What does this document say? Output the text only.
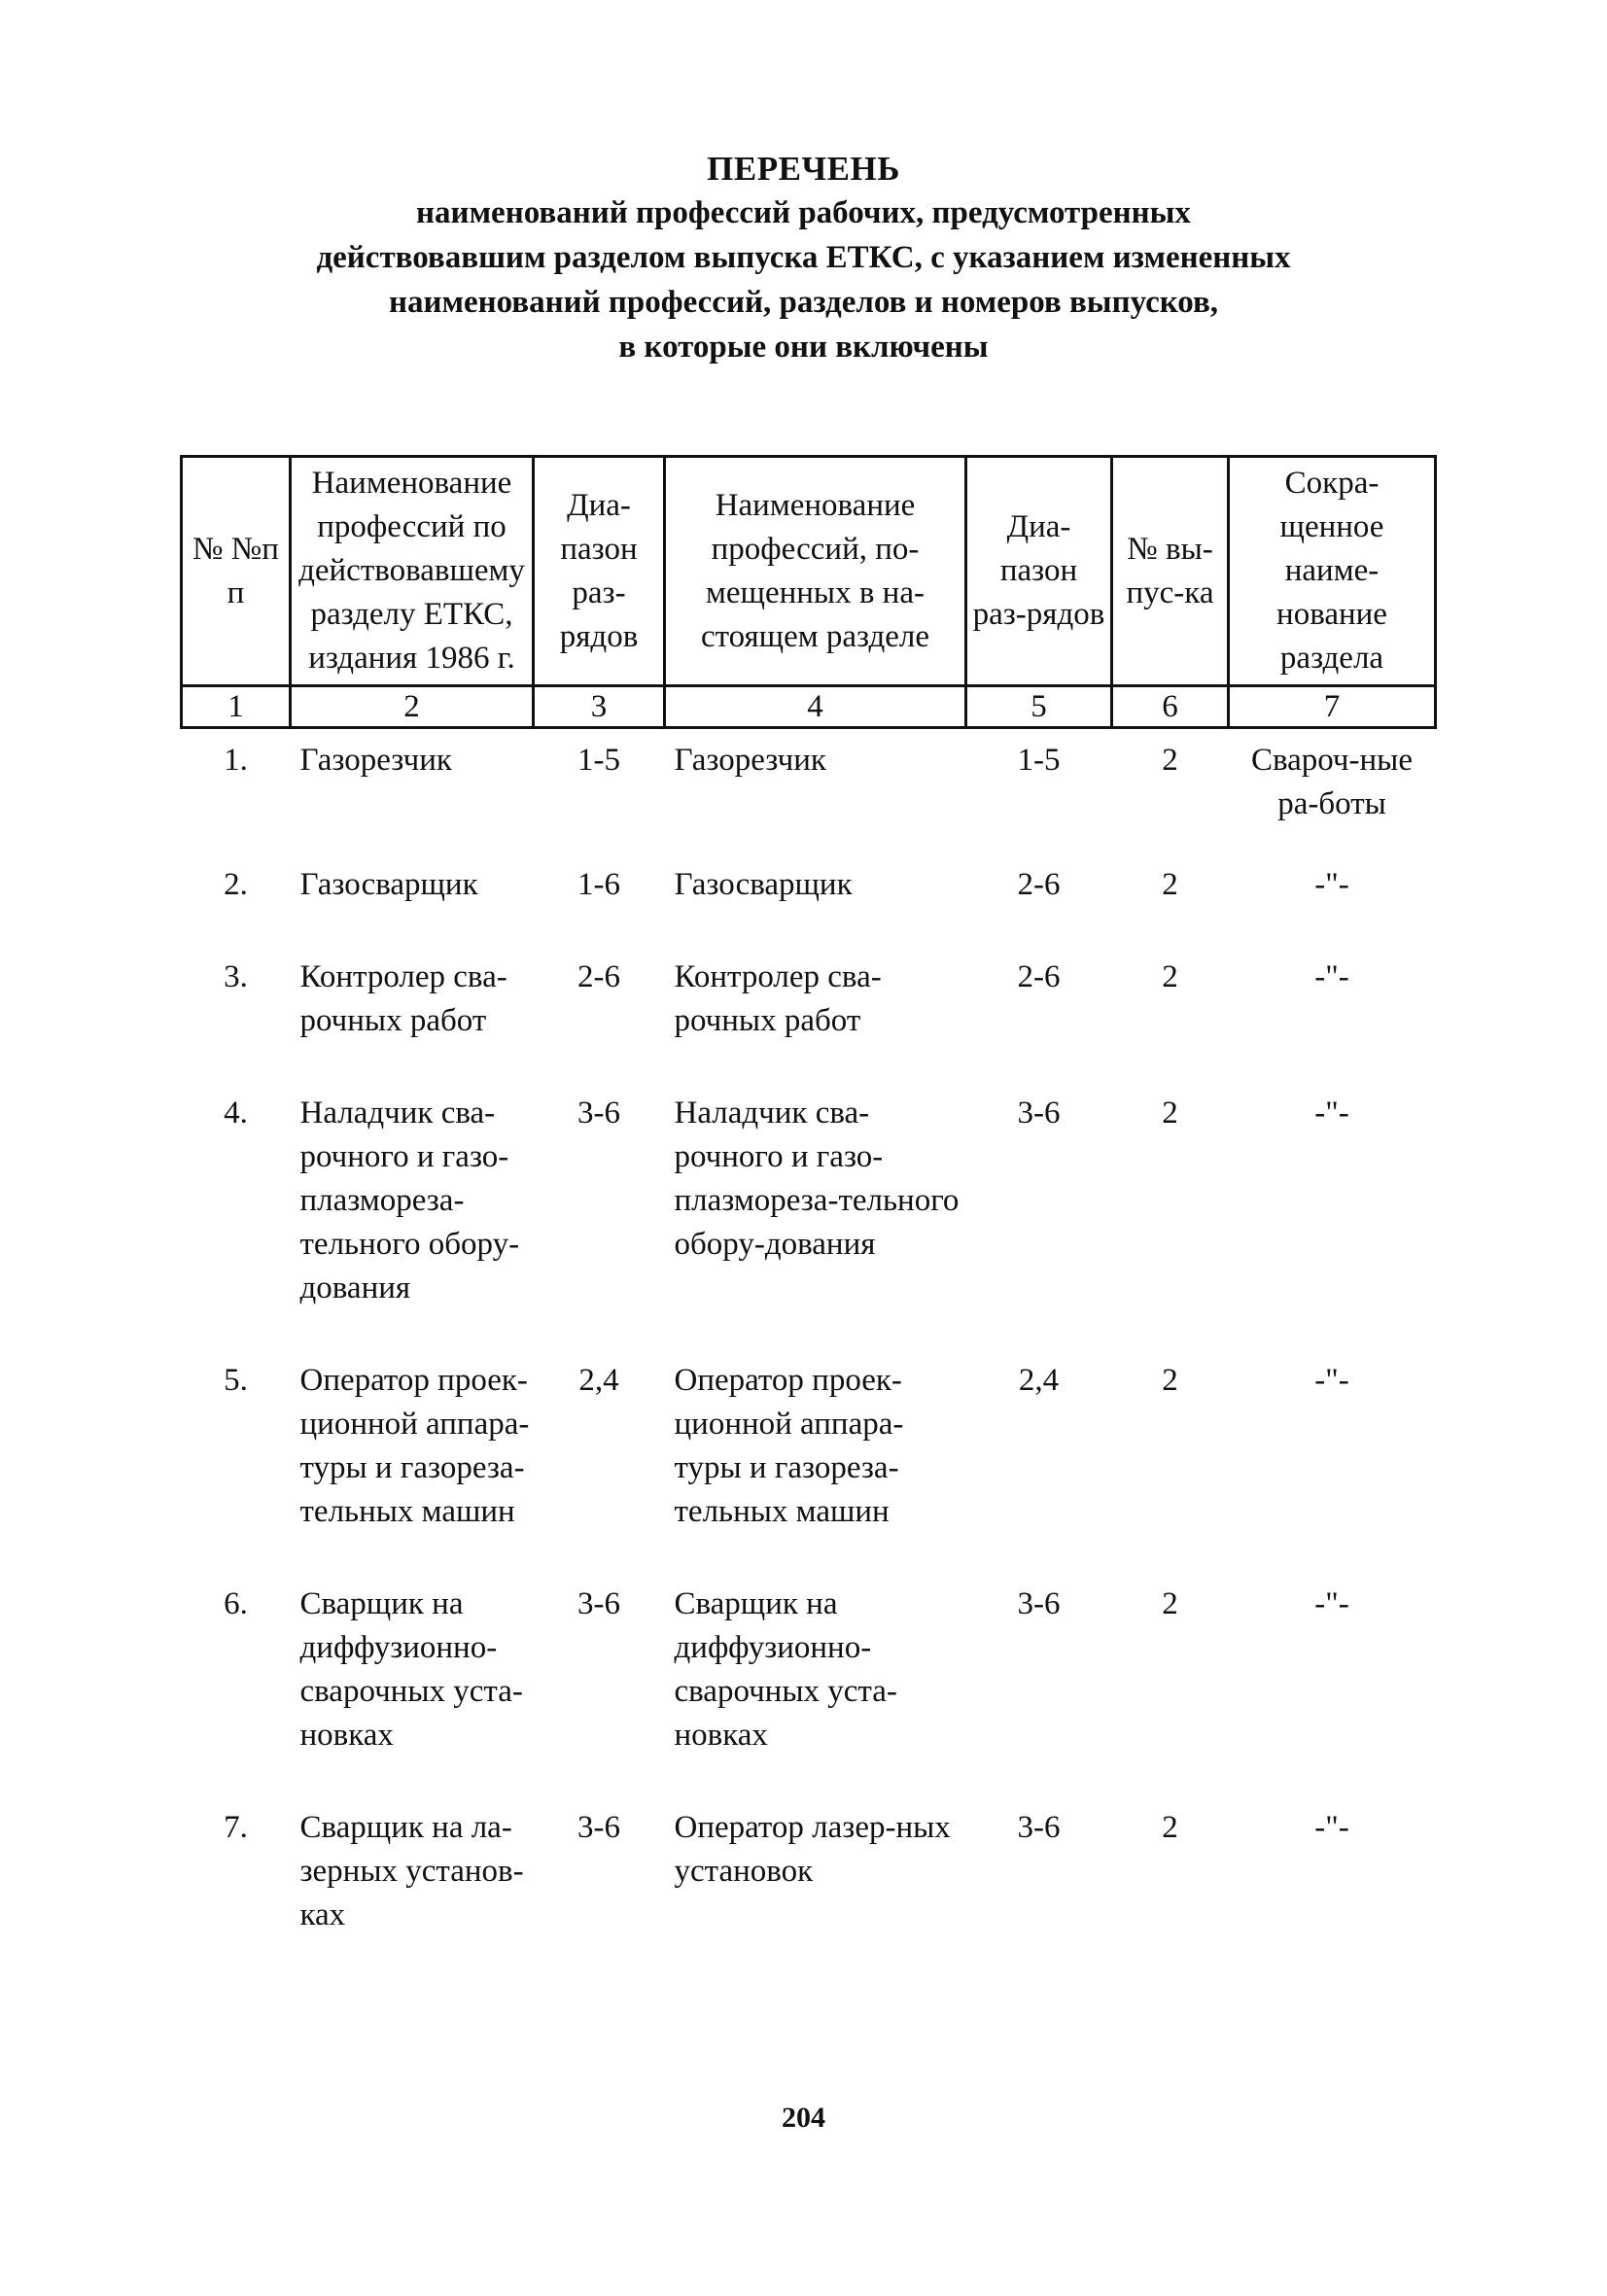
ПЕРЕЧЕНЬ
наименований профессий рабочих, предусмотренных
действовавшим разделом выпуска ЕТКС, с указанием измененных
наименований профессий, разделов и номеров выпусков,
в которые они включены
№ №п п	Наименование профессий по действовавшему разделу ЕТКС, издания 1986 г.	Диа-пазон раз-рядов	Наименование профессий, по-мещенных в на-стоящем разделе	Диа-пазон раз-рядов	№ вы-пус-ка	Сокра-щенное наиме-нование раздела
1	2	3	4	5	6	7
1.	Газорезчик	1-5	Газорезчик	1-5	2	Свароч-ные ра-боты
2.	Газосварщик	1-6	Газосварщик	2-6	2	-"-
3.	Контролер сва-рочных работ	2-6	Контролер сва-рочных работ	2-6	2	-"-
4.	Наладчик сва-рочного и газо-плазмореза-тельного обору-дования	3-6	Наладчик сва-рочного и газо-плазмореза-тельного обору-дования	3-6	2	-"-
5.	Оператор проек-ционной аппара-туры и газореза-тельных машин	2,4	Оператор проек-ционной аппара-туры и газореза-тельных машин	2,4	2	-"-
6.	Сварщик на диффузионно-сварочных уста-новках	3-6	Сварщик на диффузионно-сварочных уста-новках	3-6	2	-"-
7.	Сварщик на ла-зерных установ-ках	3-6	Оператор лазер-ных установок	3-6	2	-"-
204
